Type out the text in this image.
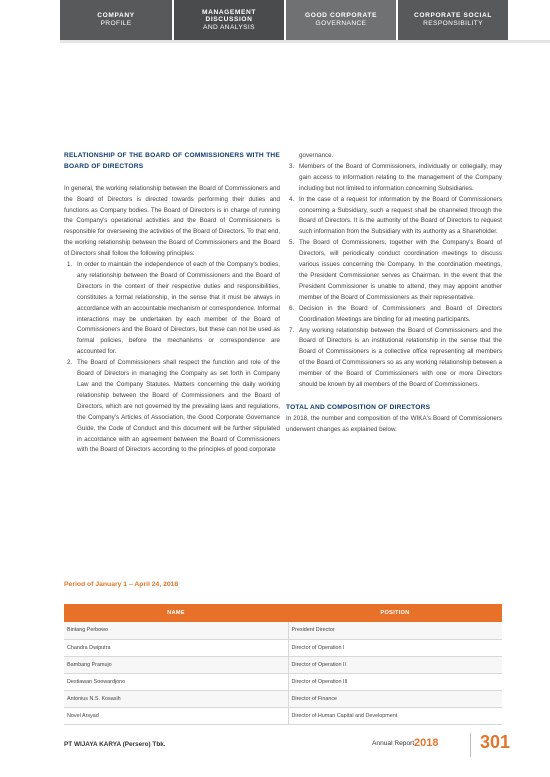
COMPANY
PROFILE
MANAGEMENT DISCUSSION
AND ANALYSIS
GOOD CORPORATE
GOVERNANCE
CORPORATE SOCIAL
RESPONSIBILITY
RELATIONSHIP OF THE BOARD OF COMMISSIONERS WITH THE BOARD OF DIRECTORS

In general, the working relationship between the Board of Commissioners and the Board of Directors is directed towards performing their duties and functions as Company bodies. The Board of Directors is in charge of running the Company's operational activities and the Board of Commissioners is responsible for overseeing the activities of the Board of Directors. To that end, the working relationship between the Board of Commissioners and the Board of Directors shall follow the following principles:

1. In order to maintain the independence of each of the Company's bodies, any relationship between the Board of Commissioners and the Board of Directors in the context of their respective duties and responsibilities, constitutes a formal relationship, in the sense that it must be always in accordance with an accountable mechanism or correspondence. Informal interactions may be undertaken by each member of the Board of Commissioners and the Board of Directors, but these can not be used as formal policies, before the mechanisms or correspondence are accounted for.
2. The Board of Commissioners shall respect the function and role of the Board of Directors in managing the Company as set forth in Company Law and the Company Statutes. Matters concerning the daily working relationship between the Board of Commissioners and the Board of Directors, which are not governed by the prevailing laws and regulations, the Company's Articles of Association, the Good Corporate Governance Guide, the Code of Conduct and this document will be further stipulated in accordance with an agreement between the Board of Commissioners with the Board of Directors according to the principles of good corporate

governance.

3. Members of the Board of Commissioners, individually or collegially, may gain access to information relating to the management of the Company including but not limited to information concerning Subsidiaries.
4. In the case of a request for information by the Board of Commissioners concerning a Subsidiary, such a request shall be channeled through the Board of Directors. It is the authority of the Board of Directors to request such information from the Subsidiary with its authority as a Shareholder.
5. The Board of Commissioners, together with the Company's Board of Directors, will periodically conduct coordination meetings to discuss various issues concerning the Company. In the coordination meetings, the President Commissioner serves as Chairman. In the event that the President Commissioner is unable to attend, they may appoint another member of the Board of Commissioners as their representative.
6. Decision in the Board of Commissioners and Board of Directors Coordination Meetings are binding for all meeting participants.
7. Any working relationship between the Board of Commissioners and the Board of Directors is an institutional relationship in the sense that the Board of Commissioners is a collective office representing all members of the Board of Commissioners so as any working relationship between a member of the Board of Commissioners with one or more Directors should be known by all members of the Board of Commissioners.
TOTAL AND COMPOSITION OF DIRECTORS

In 2018, the number and composition of the WIKA's Board of Commissioners underwent changes as explained below.

Period of January 1 – April 24, 2018
NAME	POSITION
Bintang Perbowo	President Director
Chandra Dwiputra	Director of Operation I
Bambang Pramujo	Director of Operation II
Destiawan Soewardjono	Director of Operation III
Antonius N.S. Kosasih	Director of Finance
Novel Arsyad	Director of Human Capital and Development
PT WIJAYA KARYA (Persero) Tbk.	Annual Report 2018 301
